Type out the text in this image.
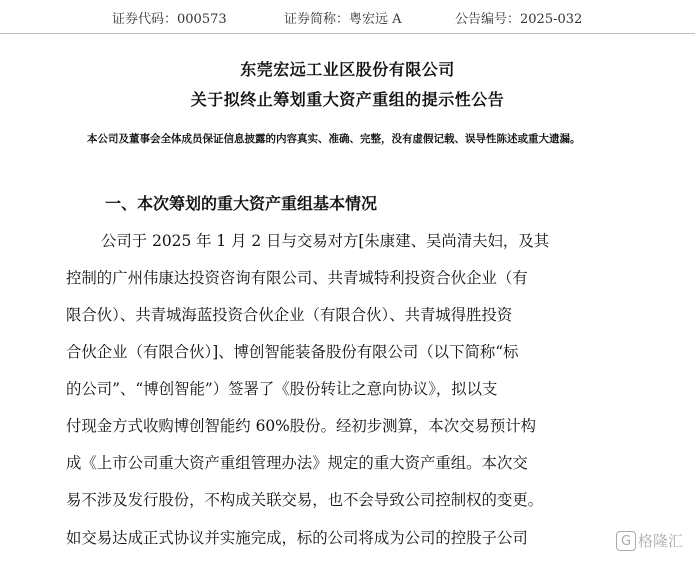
证券代码：000573	证券简称：粤宏远 A	公告编号：2025-032
东莞宏远工业区股份有限公司
关于拟终止筹划重大资产重组的提示性公告
本公司及董事会全体成员保证信息披露的内容真实、准确、完整，没有虚假记载、误导性陈述或重大遗漏。
一、本次筹划的重大资产重组基本情况
公司于 2025 年 1 月 2 日与交易对方[朱康建、吴尚清夫妇，及其
控制的广州伟康达投资咨询有限公司、共青城特利投资合伙企业（有
限合伙）、共青城海蓝投资合伙企业（有限合伙）、共青城得胜投资
合伙企业（有限合伙）]、博创智能装备股份有限公司（以下简称“标
的公司”、“博创智能”）签署了《股份转让之意向协议》，拟以支
付现金方式收购博创智能约 60%股份。经初步测算，本次交易预计构
成《上市公司重大资产重组管理办法》规定的重大资产重组。本次交
易不涉及发行股份，不构成关联交易，也不会导致公司控制权的变更。
如交易达成正式协议并实施完成，标的公司将成为公司的控股子公司	G 格隆汇
